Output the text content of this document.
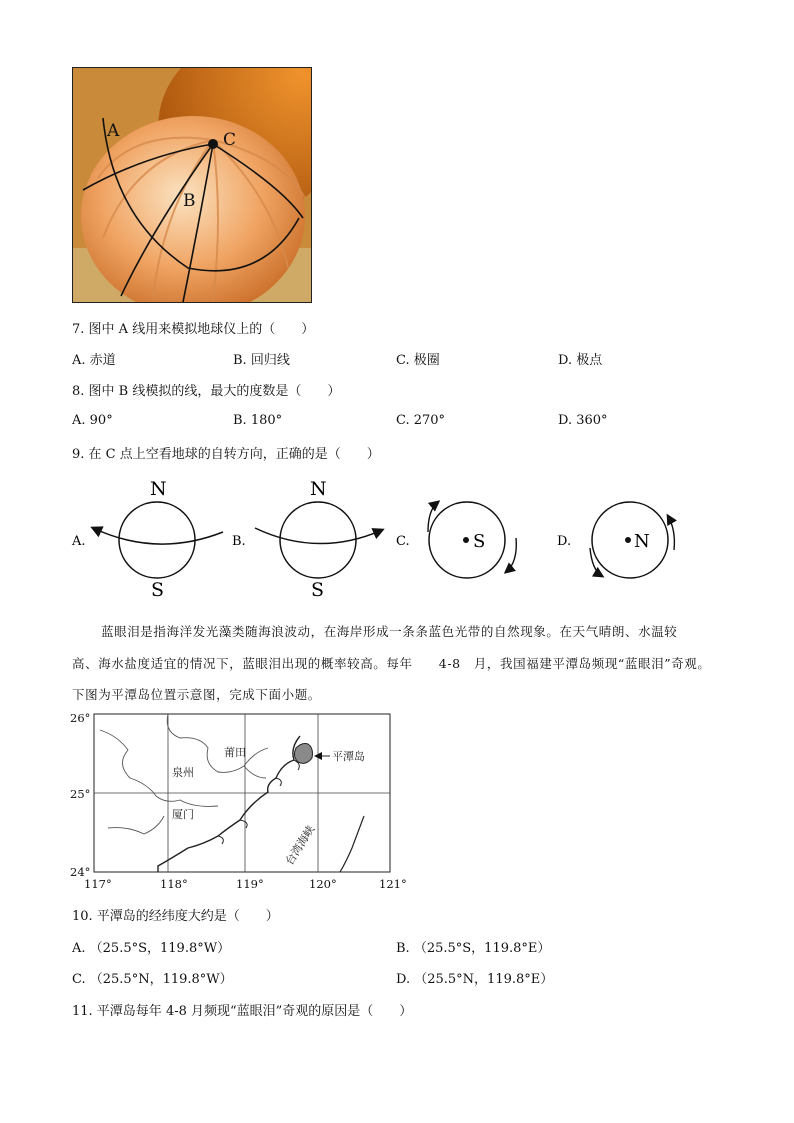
A
B
C
7. 图中 A 线用来模拟地球仪上的（　　）
A. 赤道	B. 回归线	C. 极圈	D. 极点
8. 图中 B 线模拟的线，最大的度数是（　　）
A. 90°	B. 180°	C. 270°	D. 360°
9. 在 C 点上空看地球的自转方向，正确的是（　　）
A.
N
S
B.
N
S
C.	S	D.	N
蓝眼泪是指海洋发光藻类随海浪波动，在海岸形成一条条蓝色光带的自然现象。在天气晴朗、水温较
高、海水盐度适宜的情况下，蓝眼泪出现的概率较高。每年　　4-8　月，我国福建平潭岛频现“蓝眼泪”奇观。
下图为平潭岛位置示意图，完成下面小题。
莆田
泉州
厦门
平潭岛
台湾海峡
26°
25°
24°
117°	118°	119°	120°	121°
10. 平潭岛的经纬度大约是（　　）
A. （25.5°S，119.8°W）	B. （25.5°S，119.8°E）
C. （25.5°N，119.8°W）	D. （25.5°N，119.8°E）
11. 平潭岛每年 4-8 月频现“蓝眼泪”奇观的原因是（　　）
